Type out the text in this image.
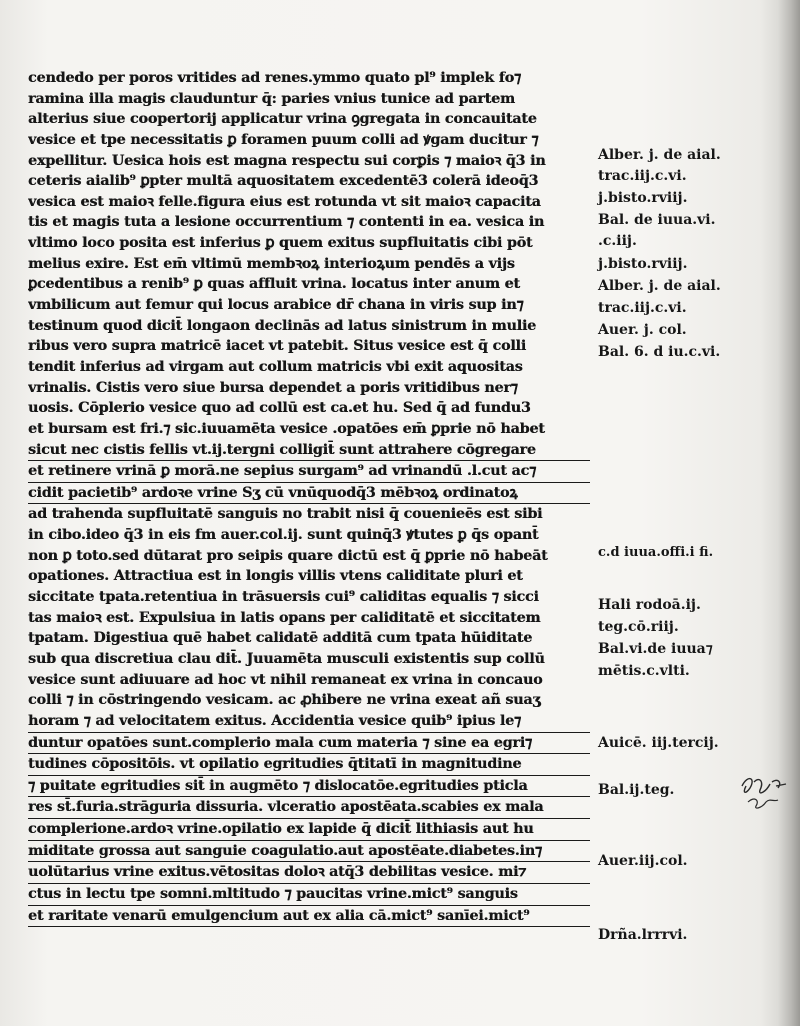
cendedo per poros vritides ad renes.ymmo quato pl⁹ implek fo⁊
ramina illa magis clauduntur q̄: paries vnius tunice ad partem
alterius siue coopertorij applicatur vrina ꝯgregata in concauitate
vesice et tpe necessitatis ꝑ foramen puum colli ad ꝟgam ducitur ⁊
expellitur. Uesica hois est magna respectu sui corꝑis ⁊ maioꝛ q̄3 in
ceteris aialib⁹ ꝑpter multā aquositatem excedentē3 colerā ideoq̄3
vesica est maioꝛ felle.figura eius est rotunda vt sit maioꝛ capacita
tis et magis tuta a lesione occurrentium ⁊ contenti in ea. vesica in
vltimo loco posita est inferius ꝑ quem exitus supfluitatis cibi pōt
melius exire. Est em̄ vltimū membꝛoꝝ interioꝝum pendēs a vijs
ꝑcedentibus a renib⁹ ꝑ quas affluit vrina. locatus inter anum et
vmbilicum aut femur qui locus arabice dr̄ chana in viris sup in⁊
testinum quod dicit̄ longaon declinās ad latus sinistrum in mulie
ribus vero supra matricē iacet vt patebit. Situs vesice est q̄ colli
tendit inferius ad virgam aut collum matricis vbi exit aquositas
vrinalis. Cistis vero siue bursa dependet a poris vritidibus ner⁊
uosis. Cōplerio vesice quo ad collū est ca.et hu. Sed q̄ ad fundu3
et bursam est fri.⁊ sic.iuuamēta vesice .opatōes em̄ ꝑprie nō habet
sicut nec cistis fellis vt.ij.tergni colligit̄ sunt attrahere cōgregare
et retinere vrinā ꝑ morā.ne sepius surgam⁹ ad vrinandū .l.cut ac⁊
cidit pacietib⁹ ardoꝛe vrine Sʒ cū vnūquodq̄3 mēbꝛoꝝ ordinatoꝝ
ad trahenda supfluitatē sanguis no trabit nisi q̄ couenieēs est sibi
in cibo.ideo q̄3 in eis fm auer.col.ij. sunt quinq̄3 ꝟtutes ꝑ q̄s opant̄
non ꝑ toto.sed dūtarat pro seipis quare dictū est q̄ ꝑprie nō habeāt
opationes. Attractiua est in longis villis vtens caliditate pluri et
siccitate tpata.retentiua in trāsuersis cui⁹ caliditas equalis ⁊ sicci
tas maioꝛ est. Expulsiua in latis opans per caliditatē et siccitatem
tpatam. Digestiua quē habet calidatē additā cum tpata hūiditate
sub qua discretiua clau dit̄. Juuamēta musculi existentis sup collū
vesice sunt adiuuare ad hoc vt nihil remaneat ex vrina in concauo
colli ⁊ in cōstringendo vesicam. ac ꝓhibere ne vrina exeat añ suaʒ
horam ⁊ ad velocitatem exitus. Accidentia vesice quib⁹ ipius le⁊
duntur opatōes sunt.complerio mala cum materia ⁊ sine ea egri⁊
tudines cōpositōis. vt opilatio egritudies q̄titatī in magnitudine
⁊ puitate egritudies sit̄ in augmēto ⁊ dislocatōe.egritudies pticla
res st̄.furia.strāguria dissuria. vlceratio apostēata.scabies ex mala
complerione.ardoꝛ vrine.opilatio ex lapide q̄ dicit̄ lithiasis aut hu
miditate grossa aut sanguie coagulatio.aut apostēate.diabetes.in⁊
uolūtarius vrine exitus.vētositas doloꝛ atq̄3 debilitas vesice. mi⁊
ctus in lectu tpe somni.mltitudo ⁊ paucitas vrine.mict⁹ sanguis
et raritate venarū emulgencium aut ex alia cā.mict⁹ sanīei.mict⁹
Alber. j. de aial.
trac.iij.c.vi.
j.bisto.rviij.
Bal. de iuua.vi.
.c.iij.
j.bisto.rviij.
Alber. j. de aial.
trac.iij.c.vi.
Auer. j. col.
Bal. 6. d iu.c.vi.
c.d iuua.offi.i fi.
Hali rodoā.ij.
teg.cō.riij.
Bal.vi.de iuua⁊
mētis.c.vlti.
Auicē. iij.tercij.
Bal.ij.teg.
Auer.iij.col.
Drña.lrrrvi.
